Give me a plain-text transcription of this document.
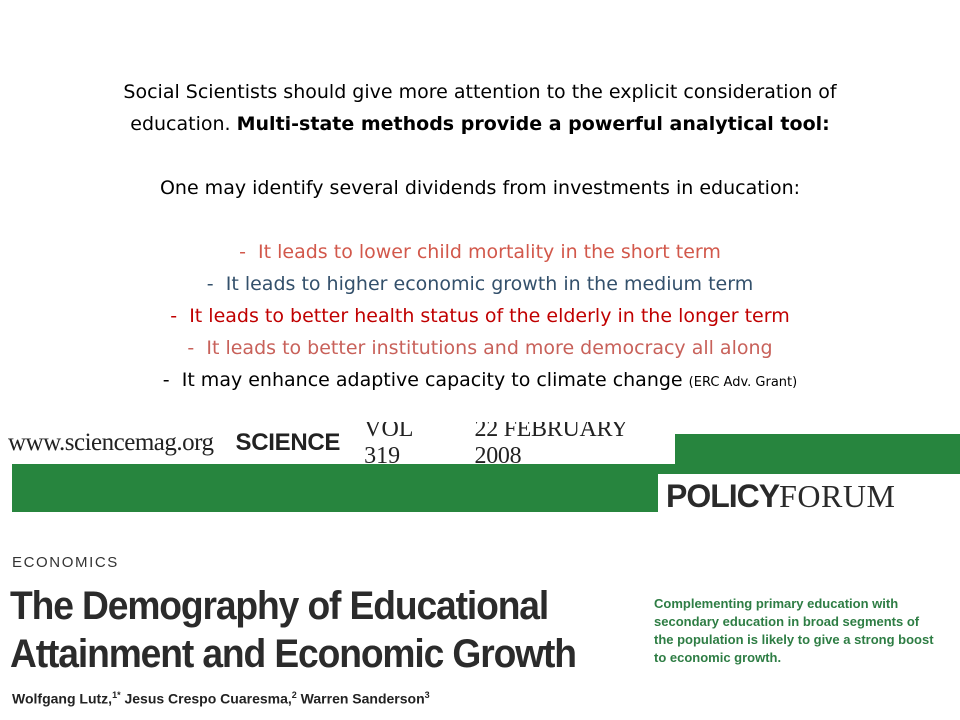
Social Scientists should give more attention to the explicit consideration of
education. Multi-state methods provide a powerful analytical tool:
One may identify several dividends from investments in education:
- It leads to lower child mortality in the short term
- It leads to higher economic growth in the medium term
- It leads to better health status of the elderly in the longer term
- It leads to better institutions and more democracy all along
- It may enhance adaptive capacity to climate change (ERC Adv. Grant)
www.sciencemag.org SCIENCE VOL 319
22 FEBRUARY 2008
POLICYFORUM
ECONOMICS
The Demography of Educational
Attainment and Economic Growth
Complementing primary education with
secondary education in broad segments of
the population is likely to give a strong boost
to economic growth.
Wolfgang Lutz,$^{1*}$ Jesus Crespo Cuaresma,$^2$ Warren Sanderson$^3$
